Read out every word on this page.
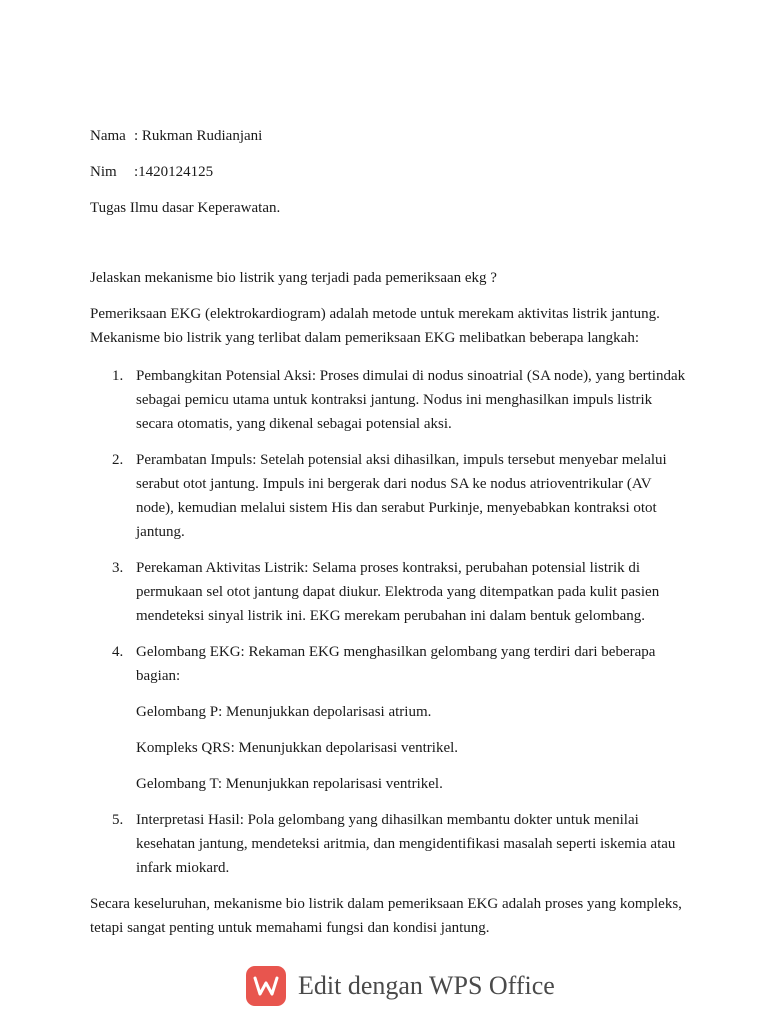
Nama : Rukman Rudianjani
Nim	:1420124125

Tugas Ilmu dasar Keperawatan.

Jelaskan mekanisme bio listrik yang terjadi pada pemeriksaan ekg ?

Pemeriksaan EKG (elektrokardiogram) adalah metode untuk merekam aktivitas listrik jantung.

Mekanisme bio listrik yang terlibat dalam pemeriksaan EKG melibatkan beberapa langkah:

1. Pembangkitan Potensial Aksi: Proses dimulai di nodus sinoatrial (SA node), yang bertindak

sebagai pemicu utama untuk kontraksi jantung. Nodus ini menghasilkan impuls listrik

secara otomatis, yang dikenal sebagai potensial aksi.

2. Perambatan Impuls: Setelah potensial aksi dihasilkan, impuls tersebut menyebar melalui

serabut otot jantung. Impuls ini bergerak dari nodus SA ke nodus atrioventrikular (AV

node), kemudian melalui sistem His dan serabut Purkinje, menyebabkan kontraksi otot

jantung.

3. Perekaman Aktivitas Listrik: Selama proses kontraksi, perubahan potensial listrik di

permukaan sel otot jantung dapat diukur. Elektroda yang ditempatkan pada kulit pasien

mendeteksi sinyal listrik ini. EKG merekam perubahan ini dalam bentuk gelombang.

4. Gelombang EKG: Rekaman EKG menghasilkan gelombang yang terdiri dari beberapa

bagian:

Gelombang P: Menunjukkan depolarisasi atrium.

Kompleks QRS: Menunjukkan depolarisasi ventrikel.

Gelombang T: Menunjukkan repolarisasi ventrikel.

5. Interpretasi Hasil: Pola gelombang yang dihasilkan membantu dokter untuk menilai

kesehatan jantung, mendeteksi aritmia, dan mengidentifikasi masalah seperti iskemia atau

infark miokard.

Secara keseluruhan, mekanisme bio listrik dalam pemeriksaan EKG adalah proses yang kompleks,

tetapi sangat penting untuk memahami fungsi dan kondisi jantung.

Edit dengan WPS Office
